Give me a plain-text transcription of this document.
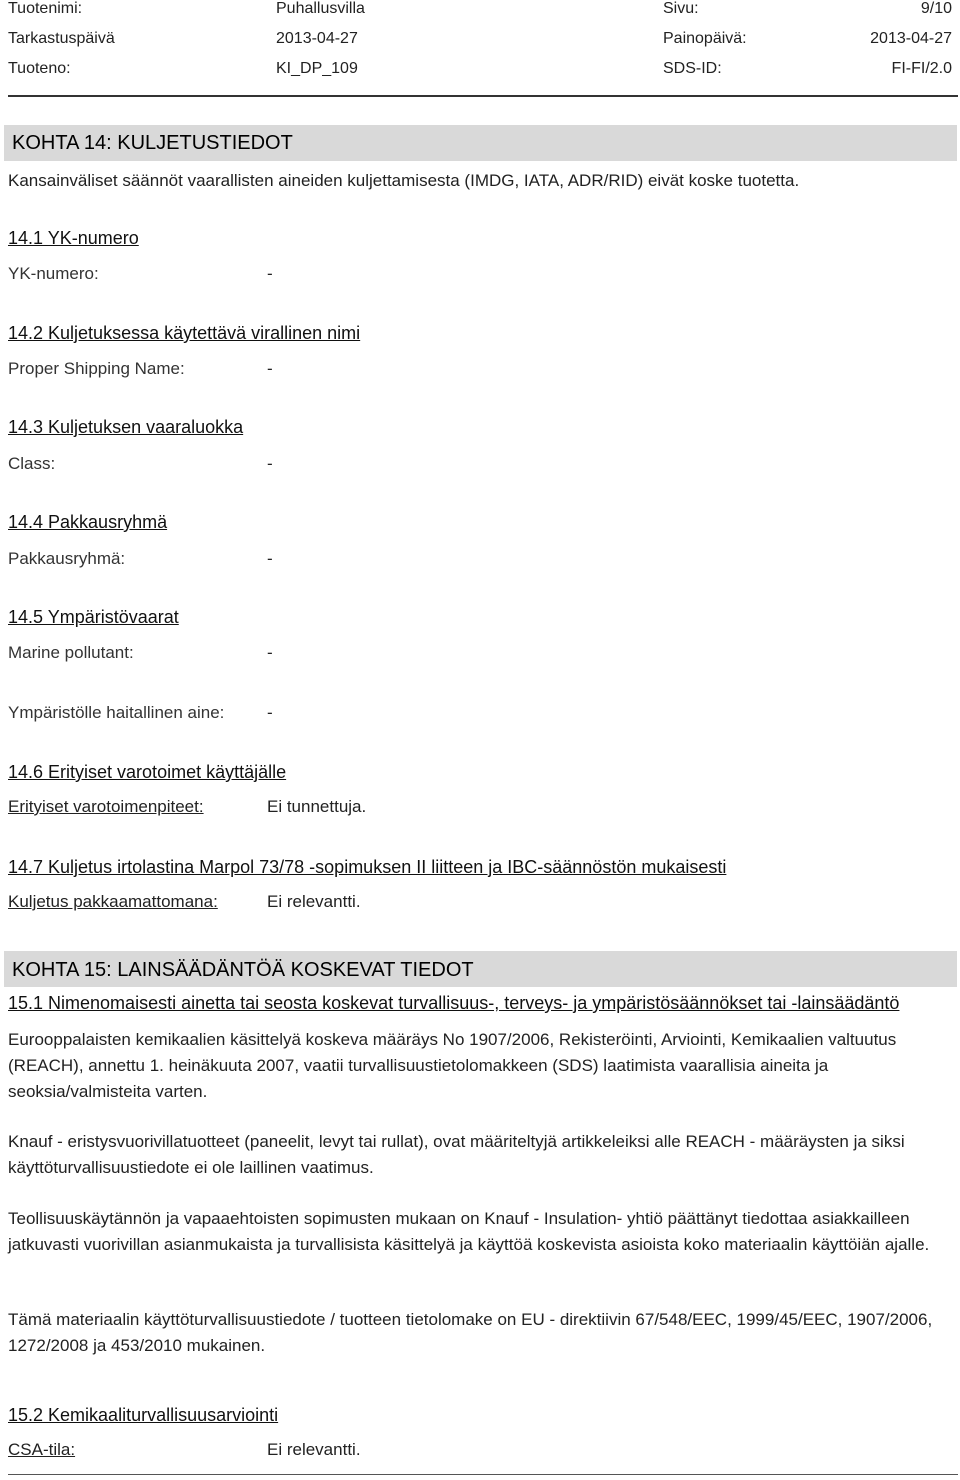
Tuotenimi:	Puhallusvilla	Sivu:	9/10
Tarkastuspäivä	2013-04-27	Painopäivä:	2013-04-27
Tuoteno:	KI_DP_109	SDS-ID:	FI-FI/2.0
KOHTA 14: KULJETUSTIEDOT
Kansainväliset säännöt vaarallisten aineiden kuljettamisesta (IMDG, IATA, ADR/RID) eivät koske tuotetta.
14.1 YK-numero
YK-numero:	-
14.2 Kuljetuksessa käytettävä virallinen nimi
Proper Shipping Name:	-
14.3 Kuljetuksen vaaraluokka
Class:	-
14.4 Pakkausryhmä
Pakkausryhmä:	-
14.5 Ympäristövaarat
Marine pollutant:	-
Ympäristölle haitallinen aine:	-
14.6 Erityiset varotoimet käyttäjälle
Erityiset varotoimenpiteet:	Ei tunnettuja.
14.7 Kuljetus irtolastina Marpol 73/78 -sopimuksen II liitteen ja IBC-säännöstön mukaisesti
Kuljetus pakkaamattomana:	Ei relevantti.
KOHTA 15: LAINSÄÄDÄNTÖÄ KOSKEVAT TIEDOT
15.1 Nimenomaisesti ainetta tai seosta koskevat turvallisuus-, terveys- ja ympäristösäännökset tai -lainsäädäntö
Eurooppalaisten kemikaalien käsittelyä koskeva määräys No 1907/2006, Rekisteröinti, Arviointi, Kemikaalien valtuutus (REACH), annettu 1. heinäkuuta 2007, vaatii turvallisuustietolomakkeen (SDS) laatimista vaarallisia aineita ja seoksia/valmisteita varten.
Knauf - eristysvuorivillatuotteet (paneelit, levyt tai rullat), ovat määriteltyjä artikkeleiksi alle REACH - määräysten ja siksi käyttöturvallisuustiedote ei ole laillinen vaatimus.
Teollisuuskäytännön ja vapaaehtoisten sopimusten mukaan on Knauf - Insulation- yhtiö päättänyt tiedottaa asiakkailleen jatkuvasti vuorivillan asianmukaista ja turvallisista käsittelyä ja käyttöä koskevista asioista koko materiaalin käyttöiän ajalle.
Tämä materiaalin käyttöturvallisuustiedote / tuotteen tietolomake on EU - direktiivin 67/548/EEC, 1999/45/EEC, 1907/2006, 1272/2008 ja 453/2010 mukainen.
15.2 Kemikaaliturvallisuusarviointi
CSA-tila:	Ei relevantti.
